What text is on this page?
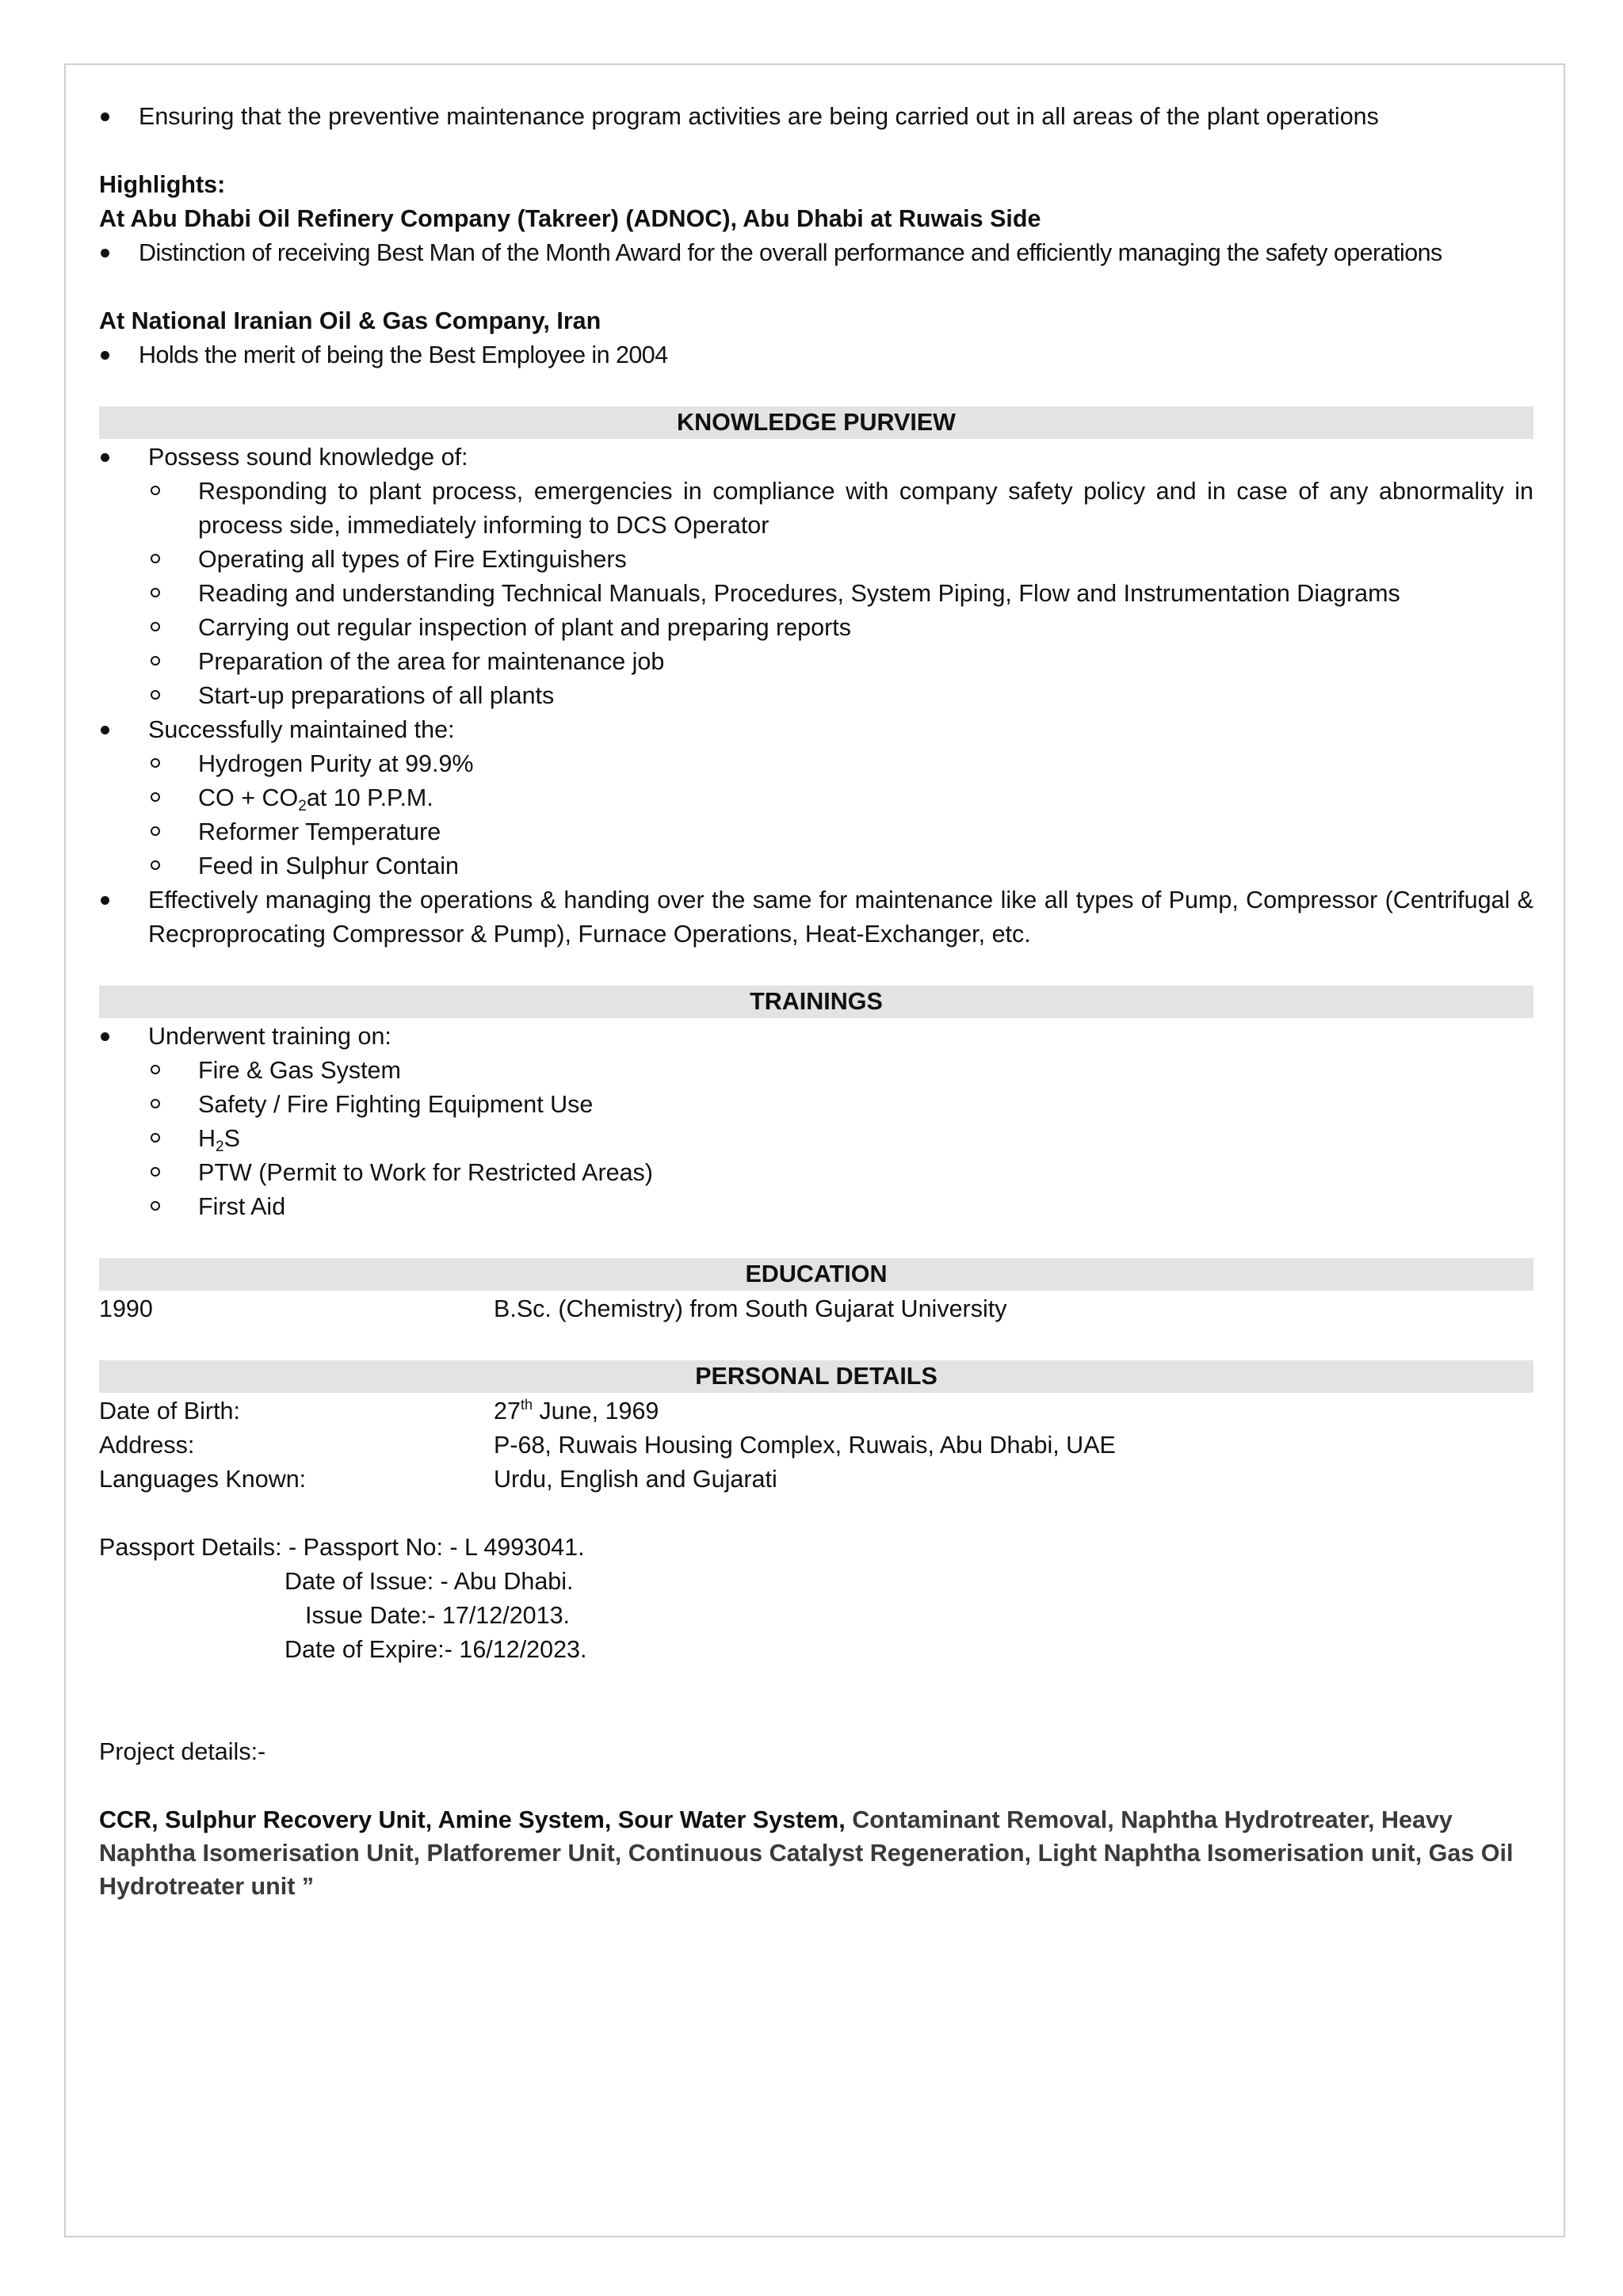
Ensuring that the preventive maintenance program activities are being carried out in all areas of the plant operations
Highlights:
At Abu Dhabi Oil Refinery Company (Takreer) (ADNOC), Abu Dhabi at Ruwais Side
Distinction of receiving Best Man of the Month Award for the overall performance and efficiently managing the safety operations
At National Iranian Oil & Gas Company, Iran
Holds the merit of being the Best Employee in 2004
KNOWLEDGE PURVIEW
Possess sound knowledge of:
Responding to plant process, emergencies in compliance with company safety policy and in case of any abnormality in process side, immediately informing to DCS Operator
Operating all types of Fire Extinguishers
Reading and understanding Technical Manuals, Procedures, System Piping, Flow and Instrumentation Diagrams
Carrying out regular inspection of plant and preparing reports
Preparation of the area for maintenance job
Start-up preparations of all plants
Successfully maintained the:
Hydrogen Purity at 99.9%
CO + $CO_2at$ 10 P.P.M.
Reformer Temperature
Feed in Sulphur Contain
Effectively managing the operations & handing over the same for maintenance like all types of Pump, Compressor (Centrifugal & Recproprocating Compressor & Pump), Furnace Operations, Heat-Exchanger, etc.
TRAININGS
Underwent training on:
Fire & Gas System
Safety / Fire Fighting Equipment Use
$H_2S$
PTW (Permit to Work for Restricted Areas)
First Aid
EDUCATION
1990	B.Sc. (Chemistry) from South Gujarat University
PERSONAL DETAILS
Date of Birth:	27th June, 1969
Address:	P-68, Ruwais Housing Complex, Ruwais, Abu Dhabi, UAE
Languages Known:	Urdu, English and Gujarati
Passport Details: - Passport No: - L 4993041.
Date of Issue: - Abu Dhabi.
Issue Date:- 17/12/2013.
Date of Expire:- 16/12/2023.
Project details:-
CCR, Sulphur Recovery Unit, Amine System, Sour Water System, Contaminant Removal, Naphtha Hydrotreater, Heavy Naphtha Isomerisation Unit, Platforemer Unit, Continuous Catalyst Regeneration, Light Naphtha Isomerisation unit, Gas Oil Hydrotreater unit ”
